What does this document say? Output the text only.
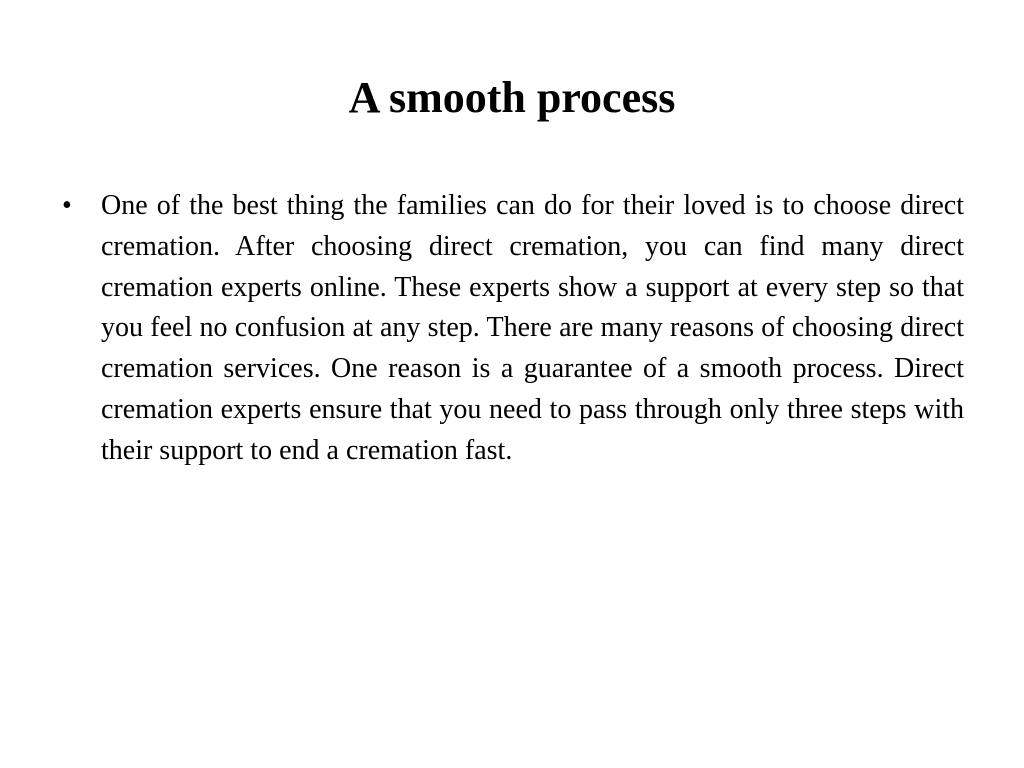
A smooth process
• One of the best thing the families can do for their loved is to choose direct cremation. After choosing direct cremation, you can find many direct cremation experts online. These experts show a support at every step so that you feel no confusion at any step. There are many reasons of choosing direct cremation services. One reason is a guarantee of a smooth process. Direct cremation experts ensure that you need to pass through only three steps with their support to end a cremation fast.
